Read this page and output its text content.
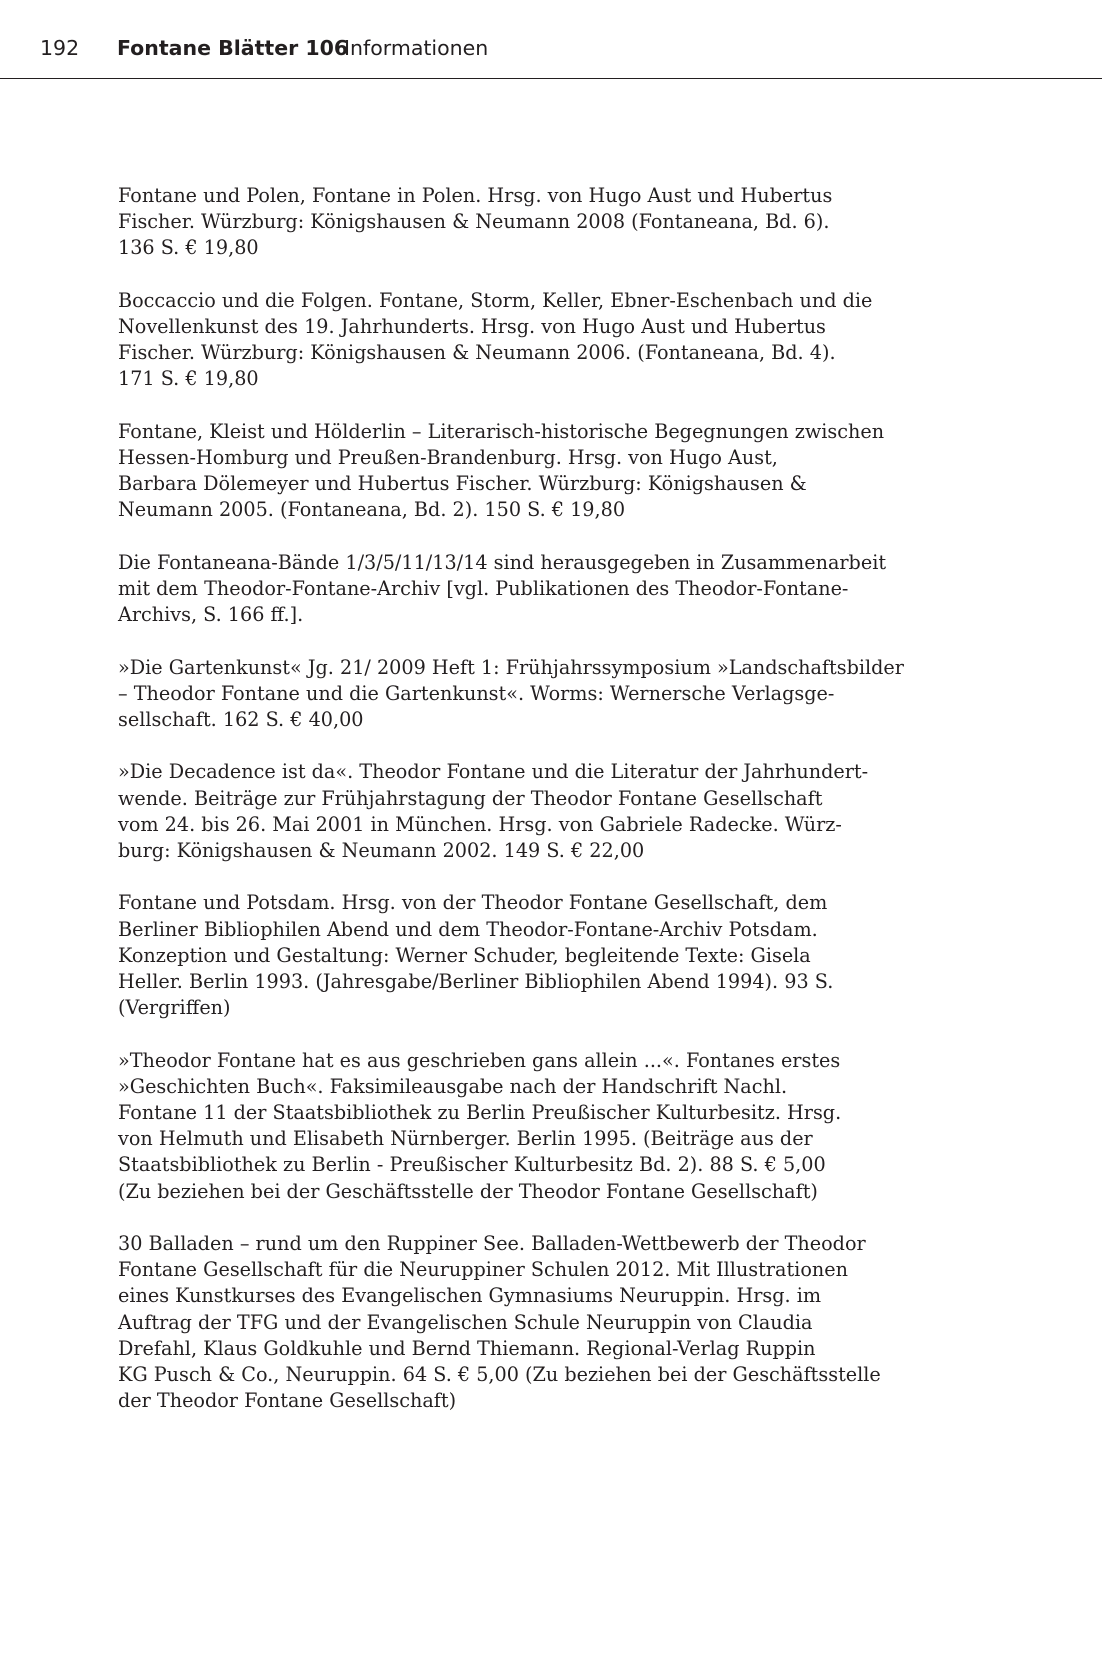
192 Fontane Blätter 106
Informationen

Fontane und Polen, Fontane in Polen. Hrsg. von Hugo Aust und Hubertus
Fischer. Würzburg: Königshausen & Neumann 2008 (Fontaneana, Bd. 6).
136 S. € 19,80

Boccaccio und die Folgen. Fontane, Storm, Keller, Ebner-Eschenbach und die
Novellenkunst des 19. Jahrhunderts. Hrsg. von Hugo Aust und Hubertus
Fischer. Würzburg: Königshausen & Neumann 2006. (Fontaneana, Bd. 4).
171 S. € 19,80

Fontane, Kleist und Hölderlin – Literarisch-historische Begegnungen zwischen
Hessen-Homburg und Preußen-Brandenburg. Hrsg. von Hugo Aust,
Barbara Dölemeyer und Hubertus Fischer. Würzburg: Königshausen &
Neumann 2005. (Fontaneana, Bd. 2). 150 S. € 19,80

Die Fontaneana-Bände 1/3/5/11/13/14 sind herausgegeben in Zusammenarbeit
mit dem Theodor-Fontane-Archiv [vgl. Publikationen des Theodor-Fontane-
Archivs, S. 166 ff.].

»Die Gartenkunst« Jg. 21/ 2009 Heft 1: Frühjahrssymposium »Landschaftsbilder
– Theodor Fontane und die Gartenkunst«. Worms: Wernersche Verlagsge-
sellschaft. 162 S. € 40,00

»Die Decadence ist da«. Theodor Fontane und die Literatur der Jahrhundert-
wende. Beiträge zur Frühjahrstagung der Theodor Fontane Gesellschaft
vom 24. bis 26. Mai 2001 in München. Hrsg. von Gabriele Radecke. Würz-
burg: Königshausen & Neumann 2002. 149 S. € 22,00

Fontane und Potsdam. Hrsg. von der Theodor Fontane Gesellschaft, dem
Berliner Bibliophilen Abend und dem Theodor-Fontane-Archiv Potsdam.
Konzeption und Gestaltung: Werner Schuder, begleitende Texte: Gisela
Heller. Berlin 1993. (Jahresgabe/Berliner Bibliophilen Abend 1994). 93 S.
(Vergriffen)

»Theodor Fontane hat es aus geschrieben gans allein ...«. Fontanes erstes
»Geschichten Buch«. Faksimileausgabe nach der Handschrift Nachl.
Fontane 11 der Staatsbibliothek zu Berlin Preußischer Kulturbesitz. Hrsg.
von Helmuth und Elisabeth Nürnberger. Berlin 1995. (Beiträge aus der
Staatsbibliothek zu Berlin - Preußischer Kulturbesitz Bd. 2). 88 S. € 5,00
(Zu beziehen bei der Geschäftsstelle der Theodor Fontane Gesellschaft)

30 Balladen – rund um den Ruppiner See. Balladen-Wettbewerb der Theodor
Fontane Gesellschaft für die Neuruppiner Schulen 2012. Mit Illustrationen
eines Kunstkurses des Evangelischen Gymnasiums Neuruppin. Hrsg. im
Auftrag der TFG und der Evangelischen Schule Neuruppin von Claudia
Drefahl, Klaus Goldkuhle und Bernd Thiemann. Regional-Verlag Ruppin
KG Pusch & Co., Neuruppin. 64 S. € 5,00 (Zu beziehen bei der Geschäftsstelle
der Theodor Fontane Gesellschaft)
